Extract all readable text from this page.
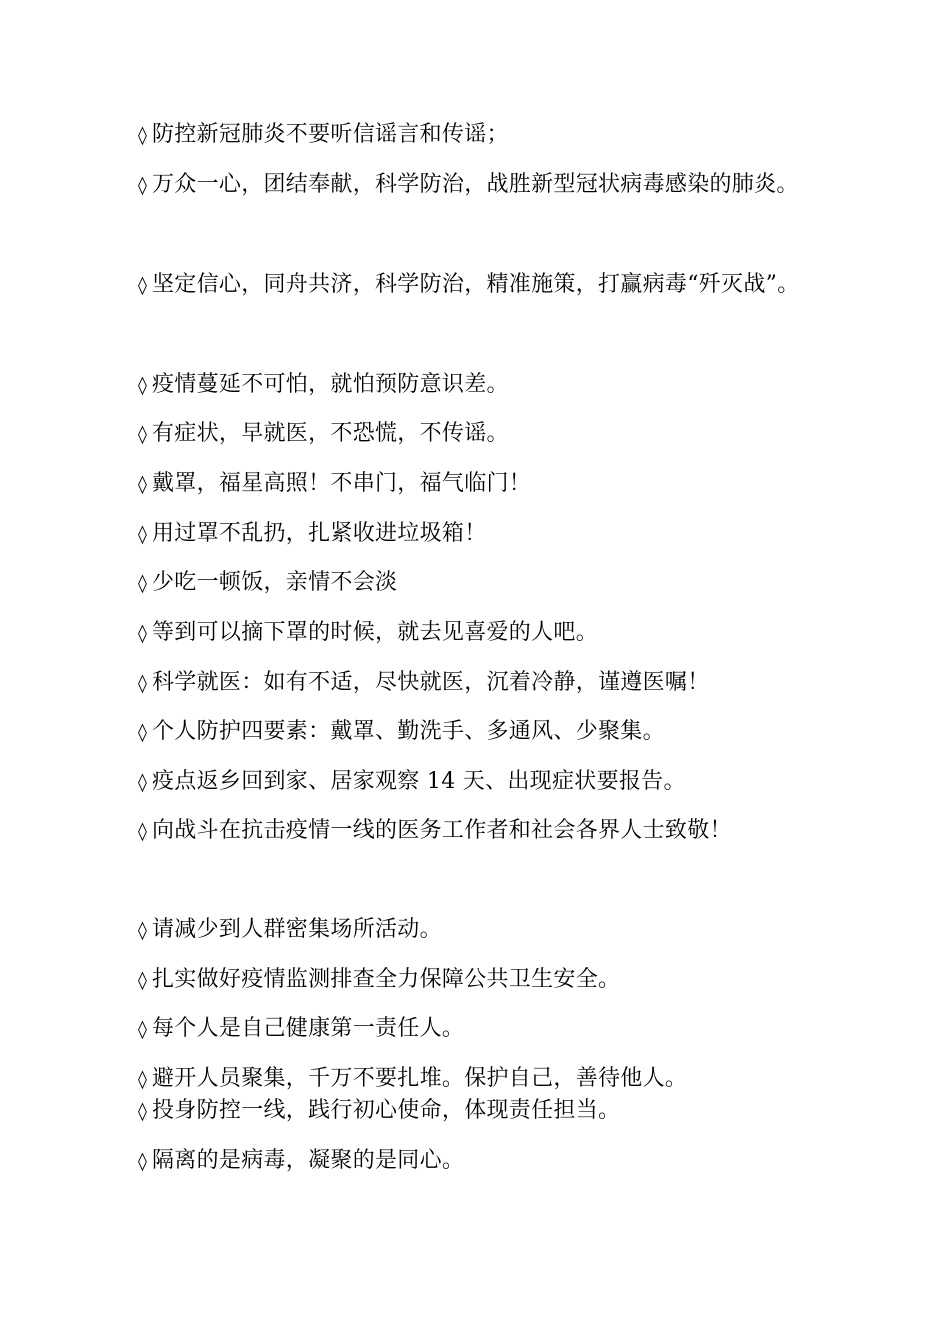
◊ 防控新冠肺炎不要听信谣言和传谣；
◊ 万众一心，团结奉献，科学防治，战胜新型冠状病毒感染的肺炎。
◊ 坚定信心，同舟共济，科学防治，精准施策，打赢病毒“歼灭战”。
◊ 疫情蔓延不可怕，就怕预防意识差。
◊ 有症状，早就医，不恐慌，不传谣。
◊ 戴罩，福星高照！不串门，福气临门！
◊ 用过罩不乱扔，扎紧收进垃圾箱！
◊ 少吃一顿饭，亲情不会淡
◊ 等到可以摘下罩的时候，就去见喜爱的人吧。
◊ 科学就医：如有不适，尽快就医，沉着冷静，谨遵医嘱！
◊ 个人防护四要素：戴罩、勤洗手、多通风、少聚集。
◊ 疫点返乡回到家、居家观察 14 天、出现症状要报告。
◊ 向战斗在抗击疫情一线的医务工作者和社会各界人士致敬！
◊ 请减少到人群密集场所活动。
◊ 扎实做好疫情监测排查全力保障公共卫生安全。
◊ 每个人是自己健康第一责任人。
◊ 避开人员聚集，千万不要扎堆。保护自己，善待他人。
◊ 投身防控一线，践行初心使命，体现责任担当。
◊ 隔离的是病毒，凝聚的是同心。
